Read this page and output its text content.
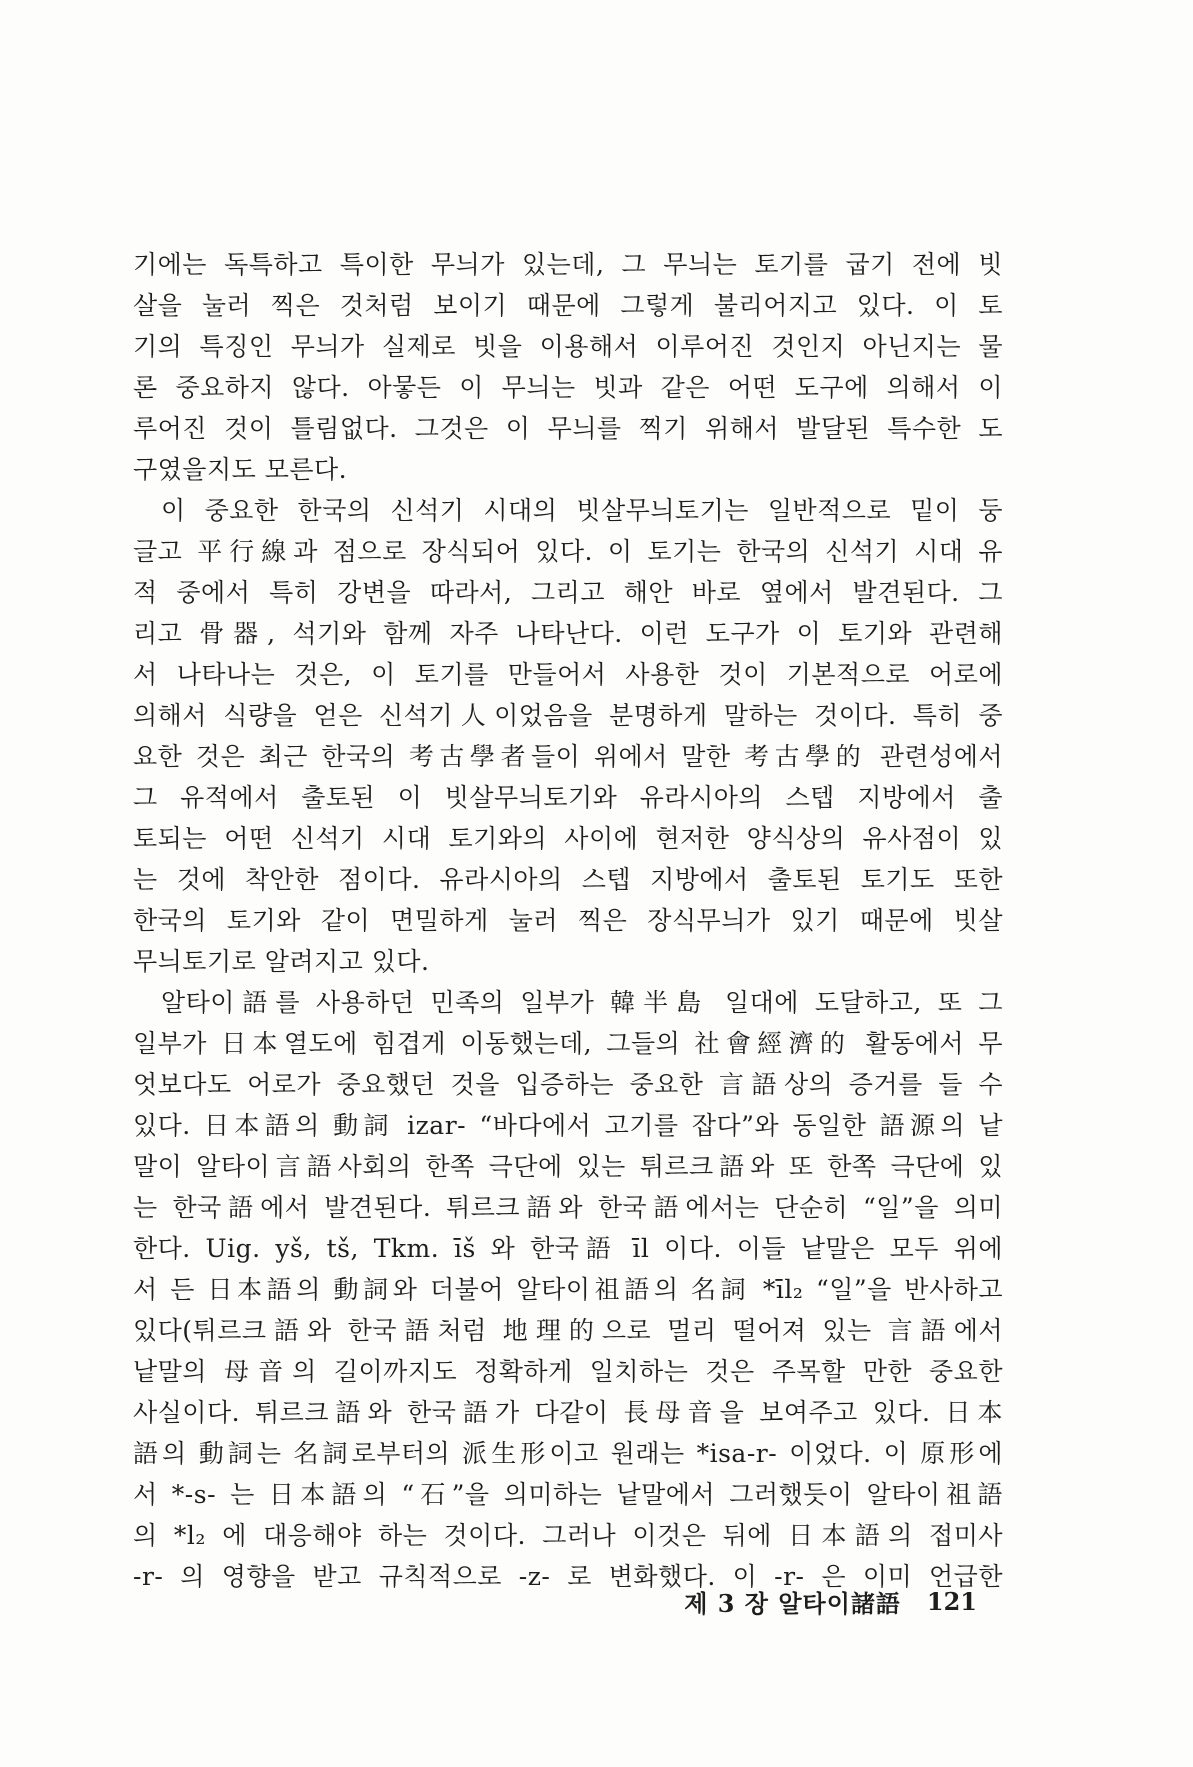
기에는 독특하고 특이한 무늬가 있는데, 그 무늬는 토기를 굽기 전에 빗
살을 눌러 찍은 것처럼 보이기 때문에 그렇게 불리어지고 있다. 이 토
기의 특징인 무늬가 실제로 빗을 이용해서 이루어진 것인지 아닌지는 물
론 중요하지 않다. 아뭏든 이 무늬는 빗과 같은 어떤 도구에 의해서 이
루어진 것이 틀림없다. 그것은 이 무늬를 찍기 위해서 발달된 특수한 도
구였을지도 모른다.
이 중요한 한국의 신석기 시대의 빗살무늬토기는 일반적으로 밑이 둥
글고 平行線과 점으로 장식되어 있다. 이 토기는 한국의 신석기 시대 유
적 중에서 특히 강변을 따라서, 그리고 해안 바로 옆에서 발견된다. 그
리고 骨器, 석기와 함께 자주 나타난다. 이런 도구가 이 토기와 관련해
서 나타나는 것은, 이 토기를 만들어서 사용한 것이 기본적으로 어로에
의해서 식량을 얻은 신석기人이었음을 분명하게 말하는 것이다. 특히 중
요한 것은 최근 한국의 考古學者들이 위에서 말한 考古學的 관련성에서
그 유적에서 출토된 이 빗살무늬토기와 유라시아의 스텝 지방에서 출
토되는 어떤 신석기 시대 토기와의 사이에 현저한 양식상의 유사점이 있
는 것에 착안한 점이다. 유라시아의 스텝 지방에서 출토된 토기도 또한
한국의 토기와 같이 면밀하게 눌러 찍은 장식무늬가 있기 때문에 빗살
무늬토기로 알려지고 있다.
알타이語를 사용하던 민족의 일부가 韓半島 일대에 도달하고, 또 그
일부가 日本열도에 힘겹게 이동했는데, 그들의 社會經濟的 활동에서 무
엇보다도 어로가 중요했던 것을 입증하는 중요한 言語상의 증거를 들 수
있다. 日本語의 動詞 izar- “바다에서 고기를 잡다”와 동일한 語源의 낱
말이 알타이言語사회의 한쪽 극단에 있는 튀르크語와 또 한쪽 극단에 있
는 한국語에서 발견된다. 튀르크語와 한국語에서는 단순히 “일”을 의미
한다. Uig. yš, tš, Tkm. īš 와 한국語 īl 이다. 이들 낱말은 모두 위에
서 든 日本語의 動詞와 더불어 알타이祖語의 名詞 *īl₂ “일”을 반사하고
있다(튀르크語와 한국語처럼 地理的으로 멀리 떨어져 있는 言語에서
낱말의 母音의 길이까지도 정확하게 일치하는 것은 주목할 만한 중요한
사실이다. 튀르크語와 한국語가 다같이 長母音을 보여주고 있다. 日本
語의 動詞는 名詞로부터의 派生形이고 원래는 *isa-r- 이었다. 이 原形에
서 *-s- 는 日本語의 “石”을 의미하는 낱말에서 그러했듯이 알타이祖語
의 *l₂ 에 대응해야 하는 것이다. 그러나 이것은 뒤에 日本語의 접미사
-r- 의 영향을 받고 규칙적으로 -z- 로 변화했다. 이 -r- 은 이미 언급한
제 3 장 알타이諸語 121
